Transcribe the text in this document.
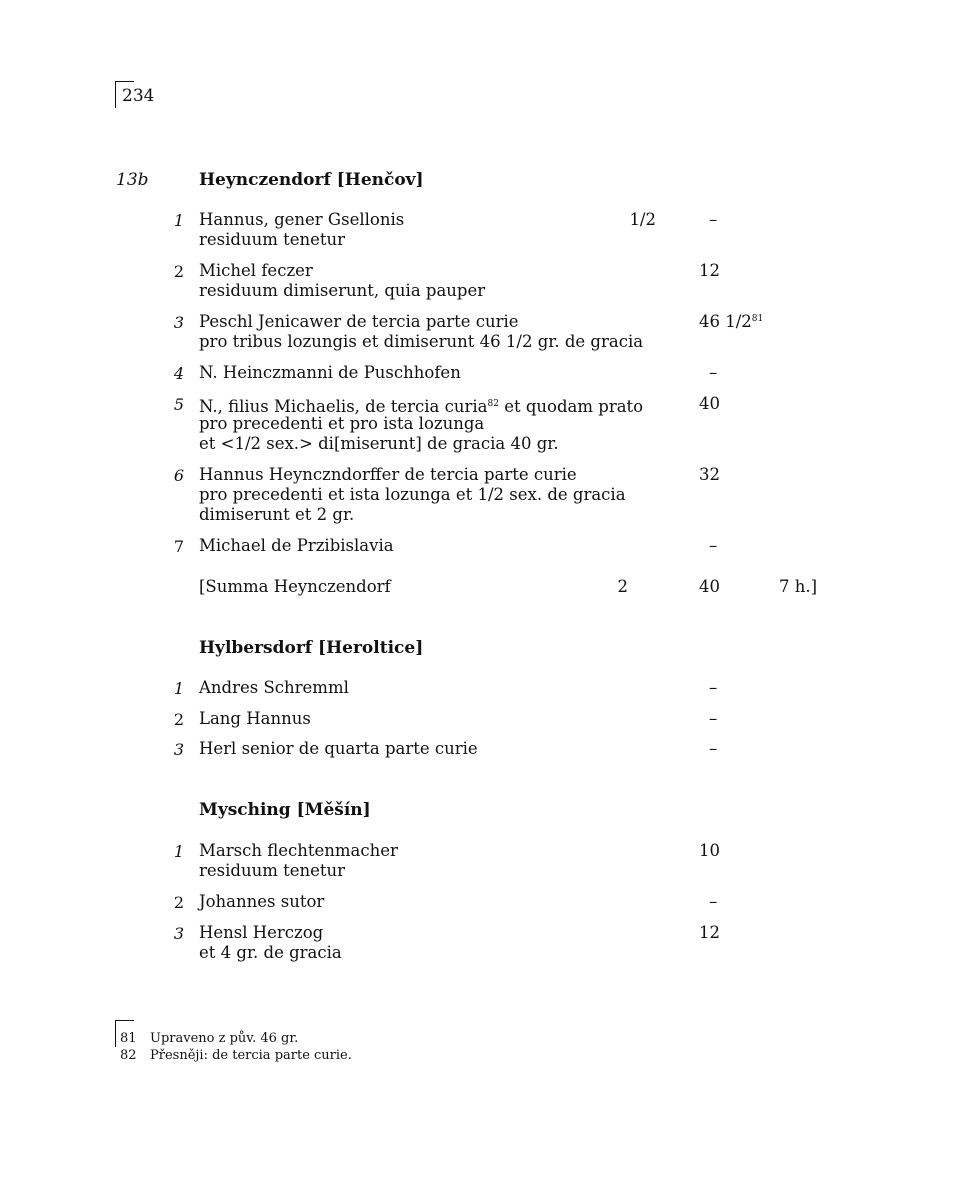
234
13b	Heynczendorf [Henčov]
1 Hannus, gener Gsellonis
residuum tenetur
1/2	–
2 Michel feczer
residuum dimiserunt, quia pauper
12
3 Peschl Jenicawer de tercia parte curie
pro tribus lozungis et dimiserunt 46 1/2 gr. de gracia
46 $1/2^{81}$
4 N. Heinczmanni de Puschhofen	–
5 N., filius Michaelis, de tercia curia$^{82}$ et quodam prato
pro precedenti et pro ista lozunga
et <1/2 sex.> di[miserunt] de gracia 40 gr.
40
6 Hannus Heynczndorffer de tercia parte curie
pro precedenti et ista lozunga et 1/2 sex. de gracia
dimiserunt et 2 gr.
32
7 Michael de Przibislavia	–
[Summa Heynczendorf	2	40	7 h.]
Hylbersdorf [Heroltice]
1 Andres Schremml	–
2 Lang Hannus	–
3 Herl senior de quarta parte curie	–
Mysching [Měšín]
1 Marsch flechtenmacher
residuum tenetur
10
2 Johannes sutor	–
3 Hensl Herczog
et 4 gr. de gracia
12
81 Upraveno z pův. 46 gr.
82 Přesněji: de tercia parte curie.
